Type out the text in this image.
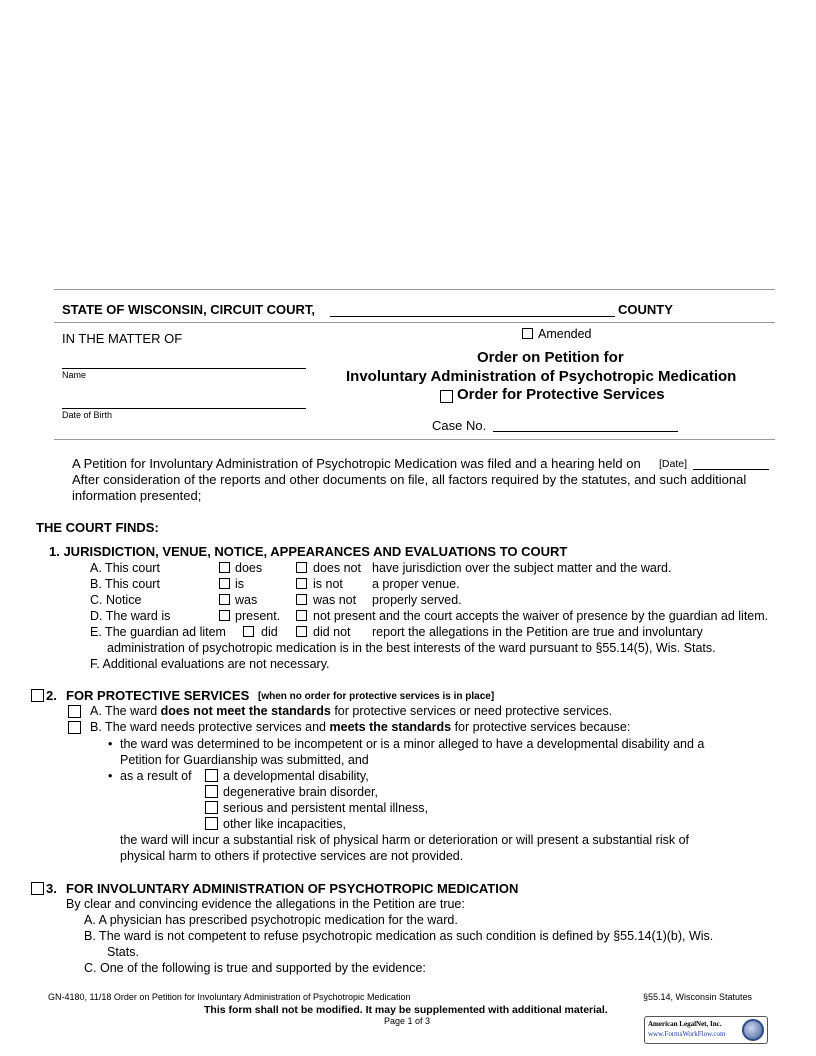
STATE OF WISCONSIN, CIRCUIT COURT,	COUNTY
IN THE MATTER OF
Name
Date of Birth
Amended
Order on Petition for
Involuntary Administration of Psychotropic Medication
Order for Protective Services
Case No.
A Petition for Involuntary Administration of Psychotropic Medication was filed and a hearing held on [Date]
After consideration of the reports and other documents on file, all factors required by the statutes, and such additional
information presented;
THE COURT FINDS:
1. JURISDICTION, VENUE, NOTICE, APPEARANCES AND EVALUATIONS TO COURT
A. This court	does	does not have jurisdiction over the subject matter and the ward.
B. This court	is	is not a proper venue.
C. Notice	was	was not properly served.
D. The ward is	present.	not present and the court accepts the waiver of presence by the guardian ad litem.
E. The guardian ad litem	did	did not report the allegations in the Petition are true and involuntary
administration of psychotropic medication is in the best interests of the ward pursuant to §55.14(5), Wis. Stats.
F. Additional evaluations are not necessary.
2. FOR PROTECTIVE SERVICES [when no order for protective services is in place]
A. The ward does not meet the standards for protective services or need protective services.
B. The ward needs protective services and meets the standards for protective services because:
• the ward was determined to be incompetent or is a minor alleged to have a developmental disability and a
Petition for Guardianship was submitted, and
• as a result of	a developmental disability,
degenerative brain disorder,
serious and persistent mental illness,
other like incapacities,
the ward will incur a substantial risk of physical harm or deterioration or will present a substantial risk of
physical harm to others if protective services are not provided.
3. FOR INVOLUNTARY ADMINISTRATION OF PSYCHOTROPIC MEDICATION
By clear and convincing evidence the allegations in the Petition are true:
A. A physician has prescribed psychotropic medication for the ward.
B. The ward is not competent to refuse psychotropic medication as such condition is defined by §55.14(1)(b), Wis.
Stats.
C. One of the following is true and supported by the evidence:
GN-4180, 11/18 Order on Petition for Involuntary Administration of Psychotropic Medication	§55.14, Wisconsin Statutes
This form shall not be modified. It may be supplemented with additional material.
Page 1 of 3	American LegalNet, Inc.
www.FormsWorkFlow.com
